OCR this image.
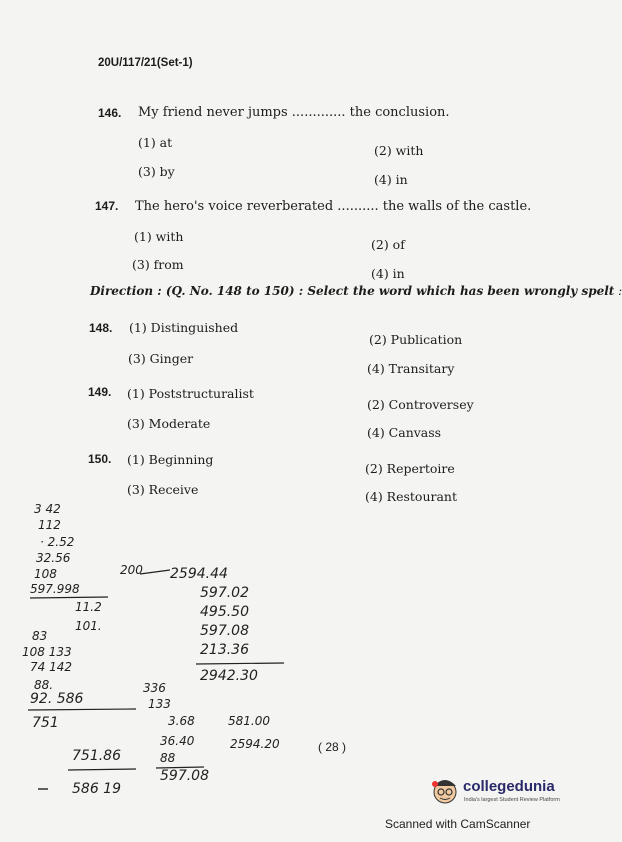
20U/117/21(Set-1)
146. My friend never jumps ............. the conclusion.
(1) at
(2) with
(3) by
(4) in
147. The hero's voice reverberated .......... the walls of the castle.
(1) with
(2) of
(3) from
(4) in
Direction : (Q. No. 148 to 150) : Select the word which has been wrongly spelt :
148. (1) Distinguished
(2) Publication
(3) Ginger
(4) Transitary
149. (1) Poststructuralist
(2) Controversey
(3) Moderate
(4) Canvass
150. (1) Beginning
(2) Repertoire
(3) Receive	(4) Restourant
3 42
112
· 2.52
32.56
108
597.998
200 2594.44
597.02
495.50
597.08
213.36
2942.30
11.2
101.
83
108 133
74 142
88.
92. 586
336
133
751	3.68	581.00
36.40	2594.20
88
597.08
751.86
586 19
( 28 )
collegedunia
India's largest Student Review Platform
Scanned with CamScanner
